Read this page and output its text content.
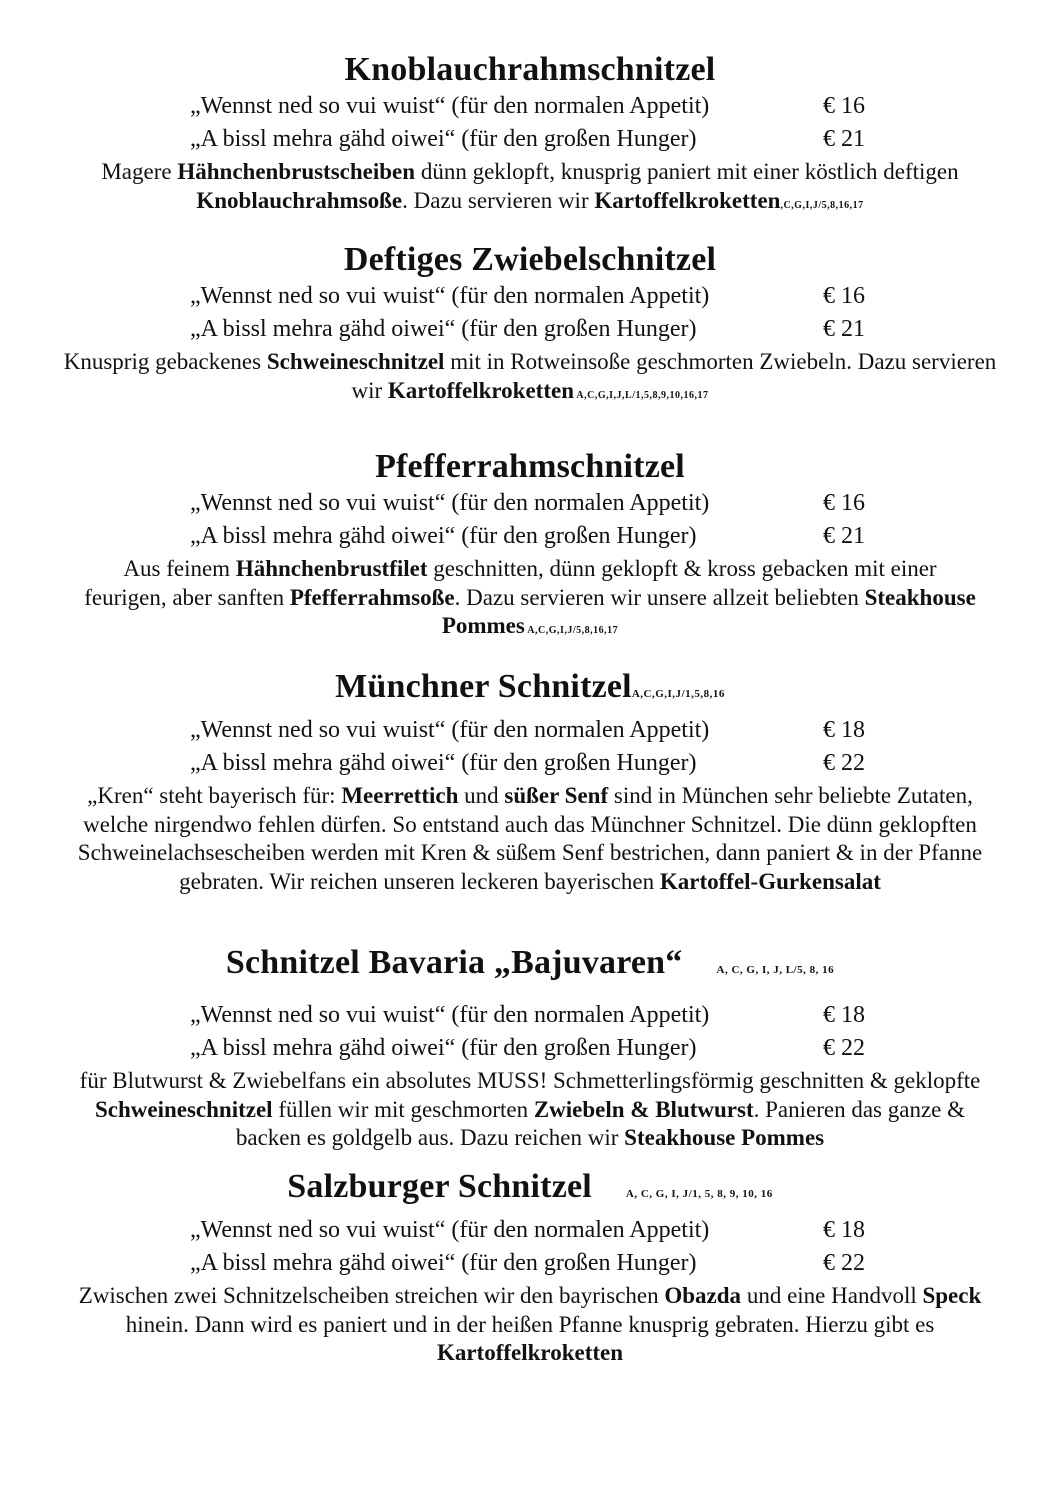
Knoblauchrahmschnitzel
„Wennst ned so vui wuist“ (für den normalen Appetit)	€ 16
„A bissl mehra gähd oiwei“ (für den großen Hunger)	€ 21
Magere Hähnchenbrustscheiben dünn geklopft, knusprig paniert mit einer köstlich deftigen Knoblauchrahmsoße. Dazu servieren wir Kartoffelkroketten,C,G,I,J/5,8,16,17
Deftiges Zwiebelschnitzel
„Wennst ned so vui wuist“ (für den normalen Appetit)	€ 16
„A bissl mehra gähd oiwei“ (für den großen Hunger)	€ 21
Knusprig gebackenes Schweineschnitzel mit in Rotweinsoße geschmorten Zwiebeln. Dazu servieren wir Kartoffelkroketten A,C,G,I,J,L/1,5,8,9,10,16,17
Pfefferrahmschnitzel
„Wennst ned so vui wuist“ (für den normalen Appetit)	€ 16
„A bissl mehra gähd oiwei“ (für den großen Hunger)	€ 21
Aus feinem Hähnchenbrustfilet geschnitten, dünn geklopft & kross gebacken mit einer feurigen, aber sanften Pfefferrahmsoße. Dazu servieren wir unsere allzeit beliebten Steakhouse Pommes A,C,G,I,J/5,8,16,17
Münchner SchnitzelA,C,G,I,J/1,5,8,16
„Wennst ned so vui wuist“ (für den normalen Appetit)	€ 18
„A bissl mehra gähd oiwei“ (für den großen Hunger)	€ 22
„Kren“ steht bayerisch für: Meerrettich und süßer Senf sind in München sehr beliebte Zutaten, welche nirgendwo fehlen dürfen. So entstand auch das Münchner Schnitzel. Die dünn geklopften Schweinelachsescheiben werden mit Kren & süßem Senf bestrichen, dann paniert & in der Pfanne gebraten. Wir reichen unseren leckeren bayerischen Kartoffel-Gurkensalat
Schnitzel Bavaria „Bajuvaren“	A, C, G, I, J, L/5, 8, 16
„Wennst ned so vui wuist“ (für den normalen Appetit)	€ 18
„A bissl mehra gähd oiwei“ (für den großen Hunger)	€ 22
für Blutwurst & Zwiebelfans ein absolutes MUSS! Schmetterlingsförmig geschnitten & geklopfte Schweineschnitzel füllen wir mit geschmorten Zwiebeln & Blutwurst. Panieren das ganze & backen es goldgelb aus. Dazu reichen wir Steakhouse Pommes
Salzburger Schnitzel	A, C, G, I, J/1, 5, 8, 9, 10, 16
„Wennst ned so vui wuist“ (für den normalen Appetit)	€ 18
„A bissl mehra gähd oiwei“ (für den großen Hunger)	€ 22
Zwischen zwei Schnitzelscheiben streichen wir den bayrischen Obazda und eine Handvoll Speck hinein. Dann wird es paniert und in der heißen Pfanne knusprig gebraten. Hierzu gibt es Kartoffelkroketten
